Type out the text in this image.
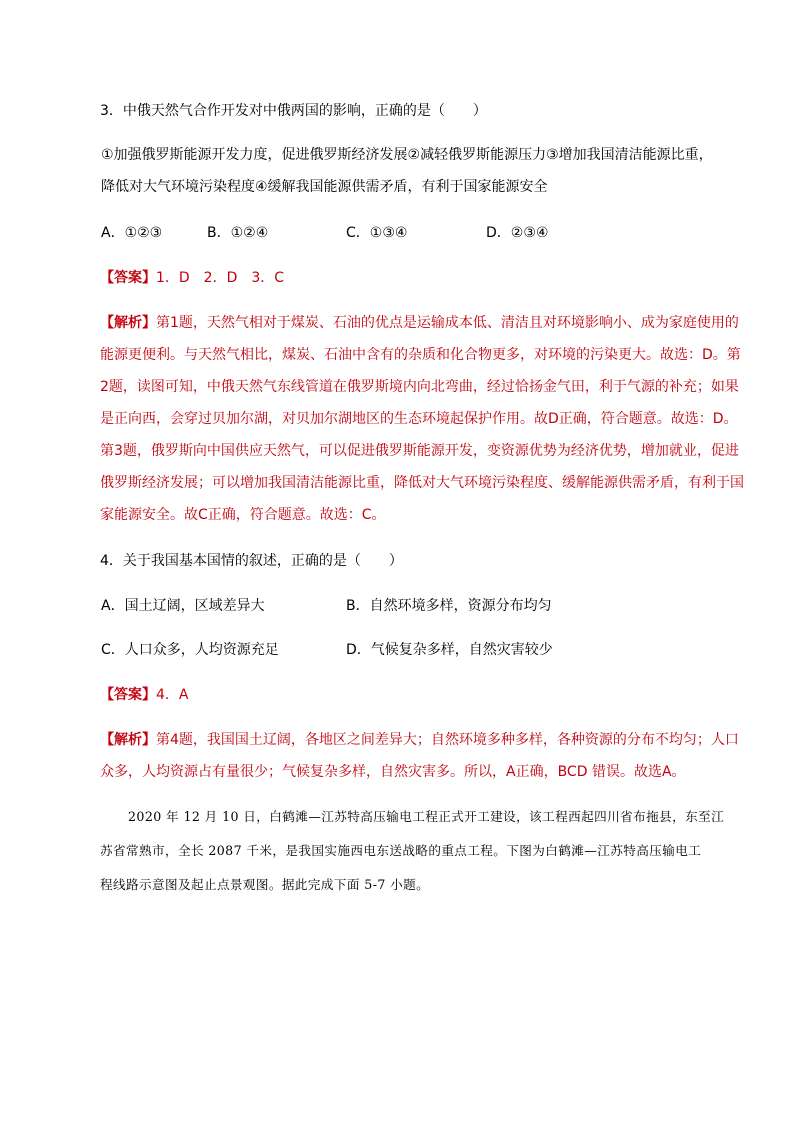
3．中俄天然气合作开发对中俄两国的影响，正确的是（　　）
①加强俄罗斯能源开发力度，促进俄罗斯经济发展②减轻俄罗斯能源压力③增加我国清洁能源比重，
降低对大气环境污染程度④缓解我国能源供需矛盾，有利于国家能源安全
A．①②③	B．①②④	C．①③④	D．②③④
【答案】1．D　2．D　3．C
【解析】第1题，天然气相对于煤炭、石油的优点是运输成本低、清洁且对环境影响小、成为家庭使用的
能源更便利。与天然气相比，煤炭、石油中含有的杂质和化合物更多，对环境的污染更大。故选：D。第
2题，读图可知，中俄天然气东线管道在俄罗斯境内向北弯曲，经过恰扬金气田，利于气源的补充；如果
是正向西，会穿过贝加尔湖，对贝加尔湖地区的生态环境起保护作用。故D正确，符合题意。故选：D。
第3题，俄罗斯向中国供应天然气，可以促进俄罗斯能源开发，变资源优势为经济优势，增加就业，促进
俄罗斯经济发展；可以增加我国清洁能源比重，降低对大气环境污染程度、缓解能源供需矛盾，有利于国
家能源安全。故C正确，符合题意。故选：C。
4．关于我国基本国情的叙述，正确的是（　　）
A．国土辽阔，区域差异大	B．自然环境多样，资源分布均匀
C．人口众多，人均资源充足	D．气候复杂多样，自然灾害较少
【答案】4．A
【解析】第4题，我国国土辽阔，各地区之间差异大；自然环境多种多样，各种资源的分布不均匀；人口
众多，人均资源占有量很少；气候复杂多样，自然灾害多。所以，A正确，BCD 错误。故选A。
2020 年 12 月 10 日，白鹤滩—江苏特高压输电工程正式开工建设，该工程西起四川省布拖县，东至江
苏省常熟市，全长 2087 千米，是我国实施西电东送战略的重点工程。下图为白鹤滩—江苏特高压输电工
程线路示意图及起止点景观图。据此完成下面 5-7 小题。
